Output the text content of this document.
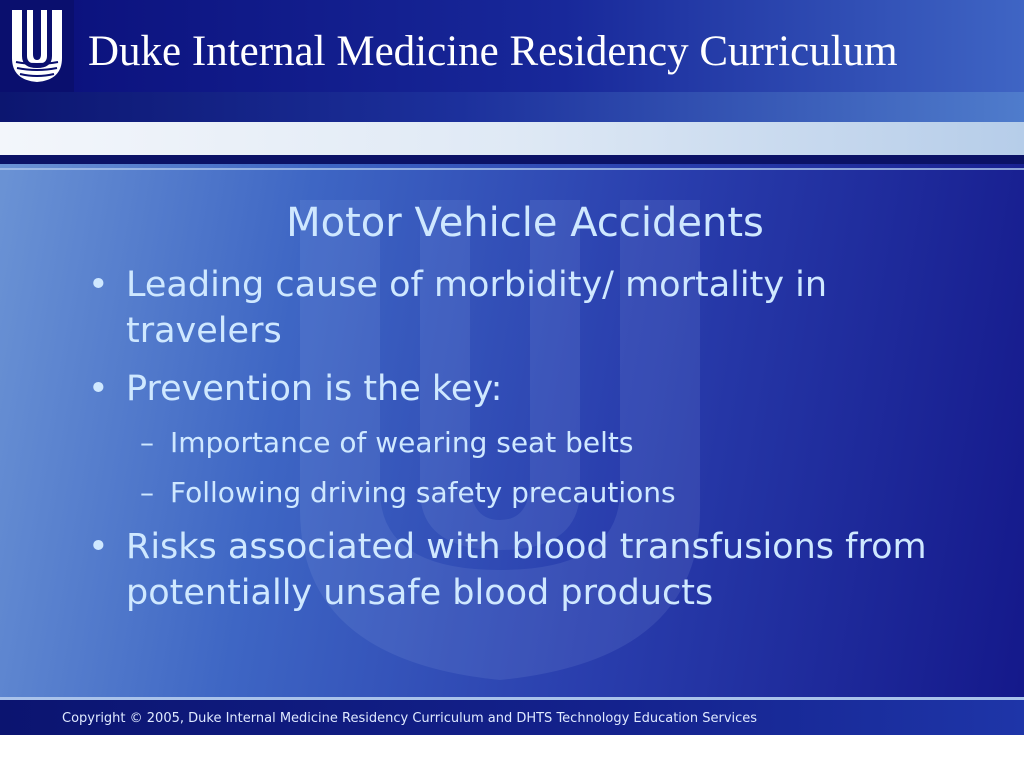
Duke Internal Medicine Residency Curriculum
Motor Vehicle Accidents
• Leading cause of morbidity/ mortality in travelers
• Prevention is the key:
– Importance of wearing seat belts
– Following driving safety precautions
• Risks associated with blood transfusions from potentially unsafe blood products
Copyright © 2005, Duke Internal Medicine Residency Curriculum and DHTS Technology Education Services
